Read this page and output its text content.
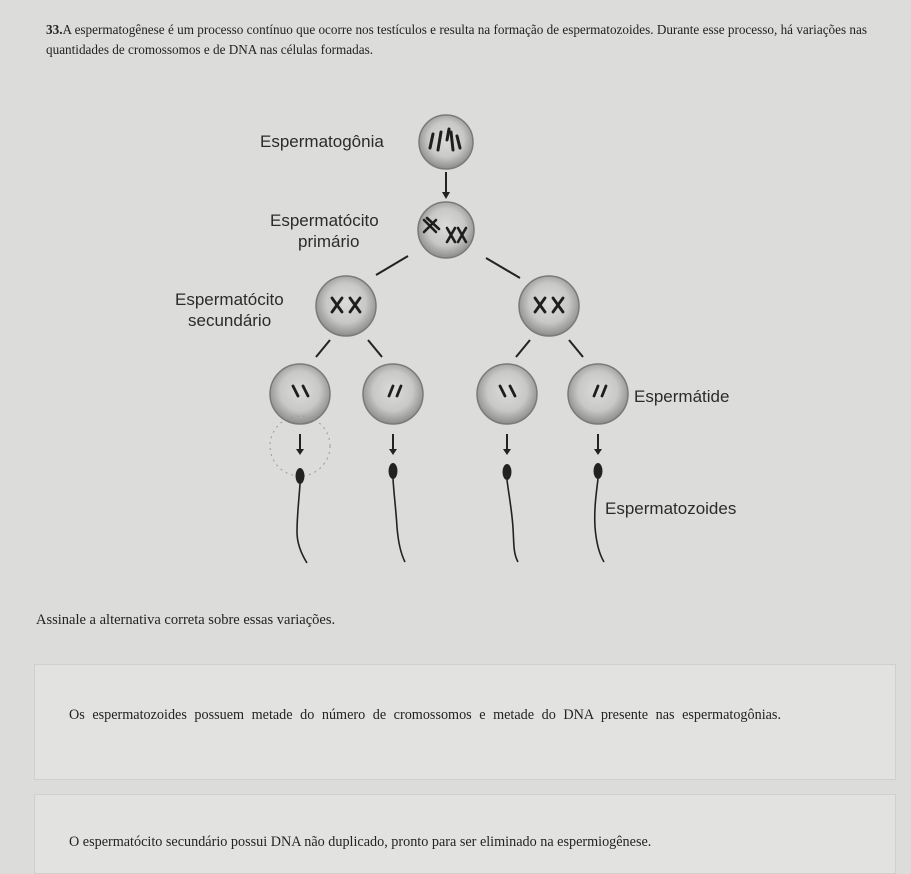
33.A espermatogênese é um processo contínuo que ocorre nos testículos e resulta na formação de espermatozoides. Durante esse processo, há variações nas quantidades de cromossomos e de DNA nas células formadas.
Espermatogônia
Espermatócito
primário
Espermatócito
secundário
Espermátide
Espermatozoides
Assinale a alternativa correta sobre essas variações.
Os espermatozoides possuem metade do número de cromossomos e metade do DNA presente nas espermatogônias.
O espermatócito secundário possui DNA não duplicado, pronto para ser eliminado na espermiogênese.
